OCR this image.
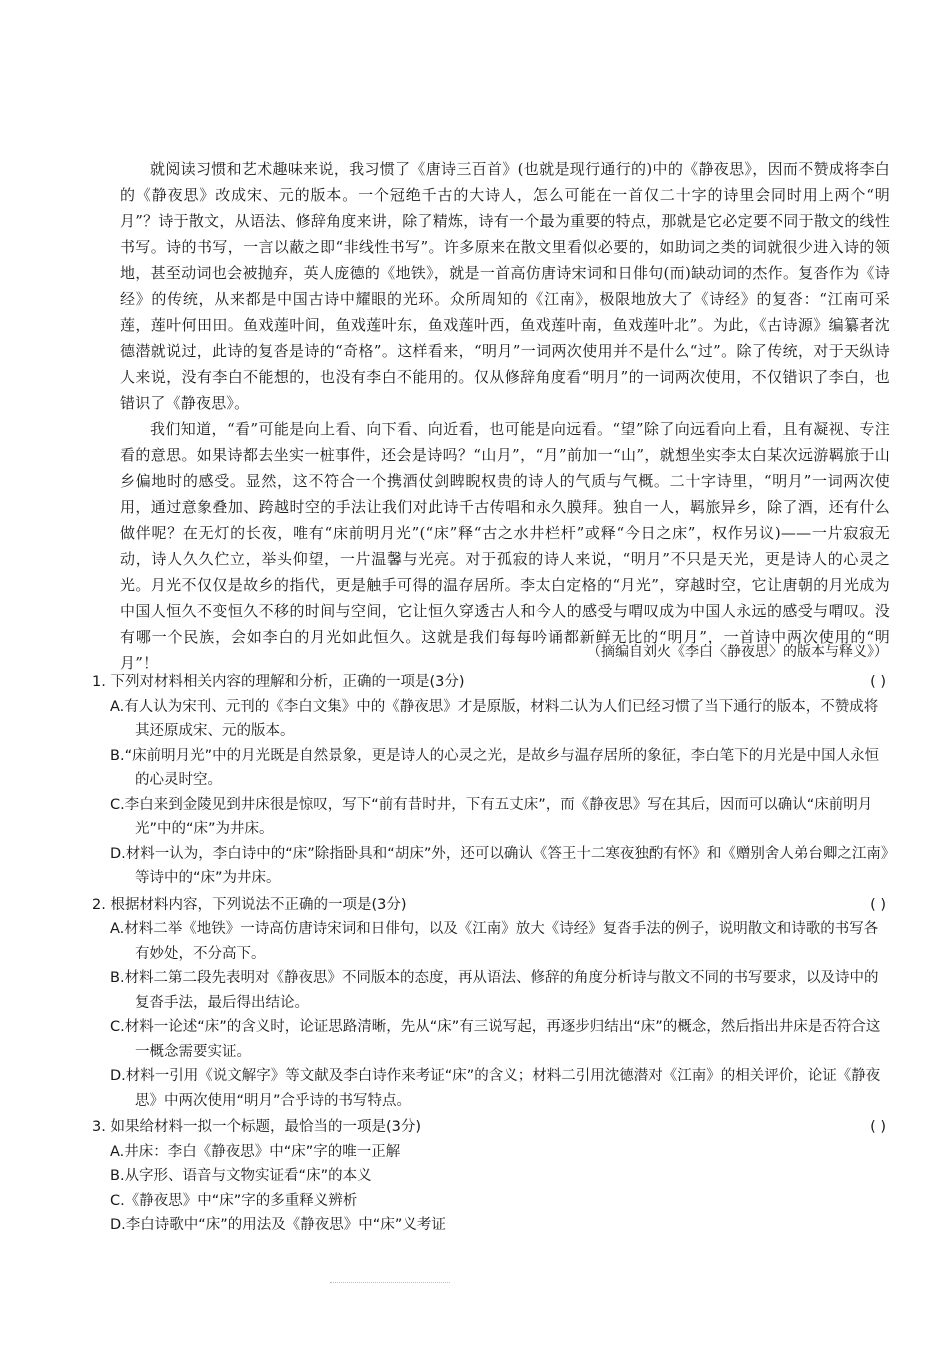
就阅读习惯和艺术趣味来说，我习惯了《唐诗三百首》(也就是现行通行的)中的《静夜思》，因而不赞成将李白的《静夜思》改成宋、元的版本。一个冠绝千古的大诗人，怎么可能在一首仅二十字的诗里会同时用上两个“明月”？诗于散文，从语法、修辞角度来讲，除了精炼，诗有一个最为重要的特点，那就是它必定要不同于散文的线性书写。诗的书写，一言以蔽之即“非线性书写”。许多原来在散文里看似必要的，如助词之类的词就很少进入诗的领地，甚至动词也会被抛弃，英人庞德的《地铁》，就是一首高仿唐诗宋词和日俳句(而)缺动词的杰作。复沓作为《诗经》的传统，从来都是中国古诗中耀眼的光环。众所周知的《江南》，极限地放大了《诗经》的复沓：“江南可采莲，莲叶何田田。鱼戏莲叶间，鱼戏莲叶东，鱼戏莲叶西，鱼戏莲叶南，鱼戏莲叶北”。为此，《古诗源》编纂者沈德潜就说过，此诗的复沓是诗的“奇格”。这样看来，“明月”一词两次使用并不是什么“过”。除了传统，对于天纵诗人来说，没有李白不能想的，也没有李白不能用的。仅从修辞角度看“明月”的一词两次使用，不仅错识了李白，也错识了《静夜思》。

我们知道，“看”可能是向上看、向下看、向近看，也可能是向远看。“望”除了向远看向上看，且有凝视、专注看的意思。如果诗都去坐实一桩事件，还会是诗吗？“山月”，“月”前加一“山”，就想坐实李太白某次远游羁旅于山乡偏地时的感受。显然，这不符合一个携酒仗剑睥睨权贵的诗人的气质与气概。二十字诗里，“明月”一词两次使用，通过意象叠加、跨越时空的手法让我们对此诗千古传唱和永久膜拜。独自一人，羁旅异乡，除了酒，还有什么做伴呢？在无灯的长夜，唯有“床前明月光”(“床”释“古之水井栏杆”或释“今日之床”，权作另议)——一片寂寂无动，诗人久久伫立，举头仰望，一片温馨与光亮。对于孤寂的诗人来说，“明月”不只是天光，更是诗人的心灵之光。月光不仅仅是故乡的指代，更是触手可得的温存居所。李太白定格的“月光”，穿越时空，它让唐朝的月光成为中国人恒久不变恒久不移的时间与空间，它让恒久穿透古人和今人的感受与喟叹成为中国人永远的感受与喟叹。没有哪一个民族，会如李白的月光如此恒久。这就是我们每每吟诵都新鲜无比的“明月”，一首诗中两次使用的“明月”！

（摘编自刘火《李白〈静夜思〉的版本与释义》）
1. 下列对材料相关内容的理解和分析，正确的一项是(3分)	( )
A.有人认为宋刊、元刊的《李白文集》中的《静夜思》才是原版，材料二认为人们已经习惯了当下通行的版本，不赞成将其还原成宋、元的版本。
B.“床前明月光”中的月光既是自然景象，更是诗人的心灵之光，是故乡与温存居所的象征，李白笔下的月光是中国人永恒的心灵时空。
C.李白来到金陵见到井床很是惊叹，写下“前有昔时井，下有五丈床”，而《静夜思》写在其后，因而可以确认“床前明月光”中的“床”为井床。
D.材料一认为，李白诗中的“床”除指卧具和“胡床”外，还可以确认《答王十二寒夜独酌有怀》和《赠别舍人弟台卿之江南》等诗中的“床”为井床。
2. 根据材料内容，下列说法不正确的一项是(3分)	( )
A.材料二举《地铁》一诗高仿唐诗宋词和日俳句，以及《江南》放大《诗经》复沓手法的例子，说明散文和诗歌的书写各有妙处，不分高下。
B.材料二第二段先表明对《静夜思》不同版本的态度，再从语法、修辞的角度分析诗与散文不同的书写要求，以及诗中的复沓手法，最后得出结论。
C.材料一论述“床”的含义时，论证思路清晰，先从“床”有三说写起，再逐步归结出“床”的概念，然后指出井床是否符合这一概念需要实证。
D.材料一引用《说文解字》等文献及李白诗作来考证“床”的含义；材料二引用沈德潜对《江南》的相关评价，论证《静夜思》中两次使用“明月”合乎诗的书写特点。
3. 如果给材料一拟一个标题，最恰当的一项是(3分)	( )
A.井床：李白《静夜思》中“床”字的唯一正解
B.从字形、语音与文物实证看“床”的本义
C.《静夜思》中“床”字的多重释义辨析
D.李白诗歌中“床”的用法及《静夜思》中“床”义考证
